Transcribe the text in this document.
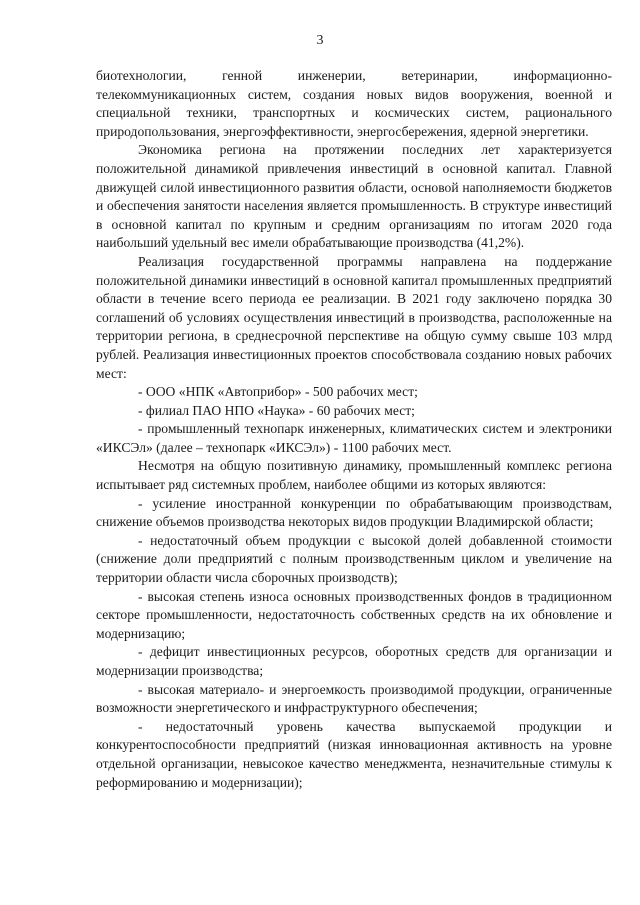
3

биотехнологии, генной инженерии, ветеринарии, информационно-телекоммуникационных систем, создания новых видов вооружения, военной и специальной техники, транспортных и космических систем, рационального природопользования, энергоэффективности, энергосбережения, ядерной энергетики.

Экономика региона на протяжении последних лет характеризуется положительной динамикой привлечения инвестиций в основной капитал. Главной движущей силой инвестиционного развития области, основой наполняемости бюджетов и обеспечения занятости населения является промышленность. В структуре инвестиций в основной капитал по крупным и средним организациям по итогам 2020 года наибольший удельный вес имели обрабатывающие производства (41,2%).

Реализация государственной программы направлена на поддержание положительной динамики инвестиций в основной капитал промышленных предприятий области в течение всего периода ее реализации. В 2021 году заключено порядка 30 соглашений об условиях осуществления инвестиций в производства, расположенные на территории региона, в среднесрочной перспективе на общую сумму свыше 103 млрд рублей. Реализация инвестиционных проектов способствовала созданию новых рабочих мест:

- ООО «НПК «Автоприбор» - 500 рабочих мест;

- филиал ПАО НПО «Наука» - 60 рабочих мест;

- промышленный технопарк инженерных, климатических систем и электроники «ИКСЭл» (далее – технопарк «ИКСЭл») - 1100 рабочих мест.

Несмотря на общую позитивную динамику, промышленный комплекс региона испытывает ряд системных проблем, наиболее общими из которых являются:

- усиление иностранной конкуренции по обрабатывающим производствам, снижение объемов производства некоторых видов продукции Владимирской области;

- недостаточный объем продукции с высокой долей добавленной стоимости (снижение доли предприятий с полным производственным циклом и увеличение на территории области числа сборочных производств);

- высокая степень износа основных производственных фондов в традиционном секторе промышленности, недостаточность собственных средств на их обновление и модернизацию;

- дефицит инвестиционных ресурсов, оборотных средств для организации и модернизации производства;

- высокая материало- и энергоемкость производимой продукции, ограниченные возможности энергетического и инфраструктурного обеспечения;

- недостаточный уровень качества выпускаемой продукции и конкурентоспособности предприятий (низкая инновационная активность на уровне отдельной организации, невысокое качество менеджмента, незначительные стимулы к реформированию и модернизации);
